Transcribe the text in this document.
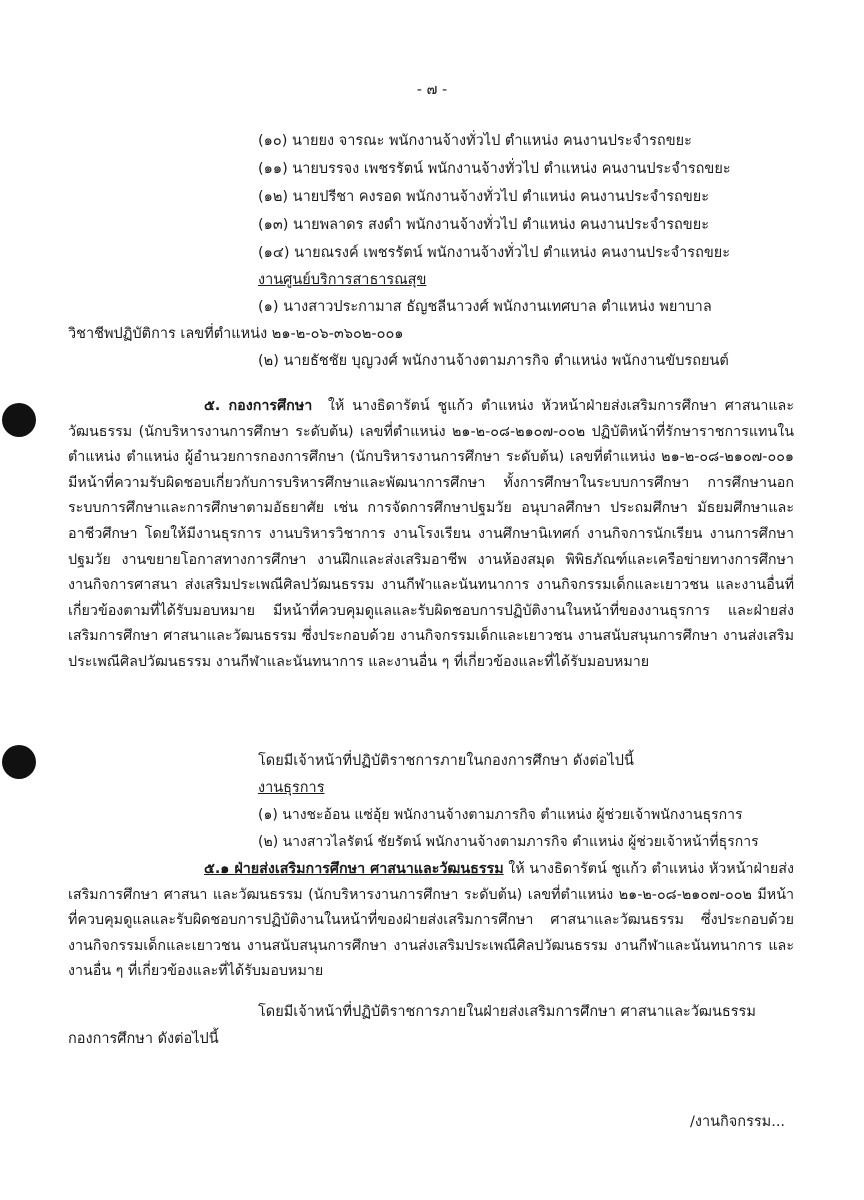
- ๗ -
(๑๐) นายยง จารณะ พนักงานจ้างทั่วไป ตำแหน่ง คนงานประจำรถขยะ
(๑๑) นายบรรจง เพชรรัตน์ พนักงานจ้างทั่วไป ตำแหน่ง คนงานประจำรถขยะ
(๑๒) นายปรีชา คงรอด พนักงานจ้างทั่วไป ตำแหน่ง คนงานประจำรถขยะ
(๑๓) นายพลาดร สงดำ พนักงานจ้างทั่วไป ตำแหน่ง คนงานประจำรถขยะ
(๑๔) นายณรงค์ เพชรรัตน์ พนักงานจ้างทั่วไป ตำแหน่ง คนงานประจำรถขยะ
งานศูนย์บริการสาธารณสุข
(๑) นางสาวประกามาส ธัญชลีนาวงศ์ พนักงานเทศบาล ตำแหน่ง พยาบาล
วิชาชีพปฏิบัติการ เลขที่ตำแหน่ง ๒๑-๒-๐๖-๓๖๐๒-๐๐๑
(๒) นายธัชชัย บุญวงศ์ พนักงานจ้างตามภารกิจ ตำแหน่ง พนักงานขับรถยนต์
๕. กองการศึกษา ให้ นางธิดารัตน์ ชูแก้ว ตำแหน่ง หัวหน้าฝ่ายส่งเสริมการศึกษา ศาสนาและวัฒนธรรม (นักบริหารงานการศึกษา ระดับต้น) เลขที่ตำแหน่ง ๒๑-๒-๐๘-๒๑๐๗-๐๐๒ ปฏิบัติหน้าที่รักษาราชการแทนในตำแหน่ง ตำแหน่ง ผู้อำนวยการกองการศึกษา (นักบริหารงานการศึกษา ระดับต้น) เลขที่ตำแหน่ง ๒๑-๒-๐๘-๒๑๐๗-๐๐๑ มีหน้าที่ความรับผิดชอบเกี่ยวกับการบริหารศึกษาและพัฒนาการศึกษา ทั้งการศึกษาในระบบการศึกษา การศึกษานอกระบบการศึกษาและการศึกษาตามอัธยาศัย เช่น การจัดการศึกษาปฐมวัย อนุบาลศึกษา ประถมศึกษา มัธยมศึกษาและอาชีวศึกษา โดยให้มีงานธุรการ งานบริหารวิชาการ งานโรงเรียน งานศึกษานิเทศก์ งานกิจการนักเรียน งานการศึกษาปฐมวัย งานขยายโอกาสทางการศึกษา งานฝึกและส่งเสริมอาชีพ งานห้องสมุด พิพิธภัณฑ์และเครือข่ายทางการศึกษา งานกิจการศาสนา ส่งเสริมประเพณีศิลปวัฒนธรรม งานกีฬาและนันทนาการ งานกิจกรรมเด็กและเยาวชน และงานอื่นที่เกี่ยวข้องตามที่ได้รับมอบหมาย มีหน้าที่ควบคุมดูแลและรับผิดชอบการปฏิบัติงานในหน้าที่ของงานธุรการ และฝ่ายส่งเสริมการศึกษา ศาสนาและวัฒนธรรม ซึ่งประกอบด้วย งานกิจกรรมเด็กและเยาวชน งานสนับสนุนการศึกษา งานส่งเสริมประเพณีศิลปวัฒนธรรม งานกีฬาและนันทนาการ และงานอื่น ๆ ที่เกี่ยวข้องและที่ได้รับมอบหมาย
โดยมีเจ้าหน้าที่ปฏิบัติราชการภายในกองการศึกษา ดังต่อไปนี้
งานธุรการ
(๑) นางชะอ้อน แซ่อุ้ย พนักงานจ้างตามภารกิจ ตำแหน่ง ผู้ช่วยเจ้าพนักงานธุรการ
(๒) นางสาวไลรัตน์ ชัยรัตน์ พนักงานจ้างตามภารกิจ ตำแหน่ง ผู้ช่วยเจ้าหน้าที่ธุรการ
๕.๑ ฝ่ายส่งเสริมการศึกษา ศาสนาและวัฒนธรรม ให้ นางธิดารัตน์ ชูแก้ว ตำแหน่ง หัวหน้าฝ่ายส่งเสริมการศึกษา ศาสนา และวัฒนธรรม (นักบริหารงานการศึกษา ระดับต้น) เลขที่ตำแหน่ง ๒๑-๒-๐๘-๒๑๐๗-๐๐๒ มีหน้าที่ควบคุมดูแลและรับผิดชอบการปฏิบัติงานในหน้าที่ของฝ่ายส่งเสริมการศึกษา ศาสนาและวัฒนธรรม ซึ่งประกอบด้วย งานกิจกรรมเด็กและเยาวชน งานสนับสนุนการศึกษา งานส่งเสริมประเพณีศิลปวัฒนธรรม งานกีฬาและนันทนาการ และงานอื่น ๆ ที่เกี่ยวข้องและที่ได้รับมอบหมาย
โดยมีเจ้าหน้าที่ปฏิบัติราชการภายในฝ่ายส่งเสริมการศึกษา ศาสนาและวัฒนธรรม
กองการศึกษา ดังต่อไปนี้
/งานกิจกรรม...
